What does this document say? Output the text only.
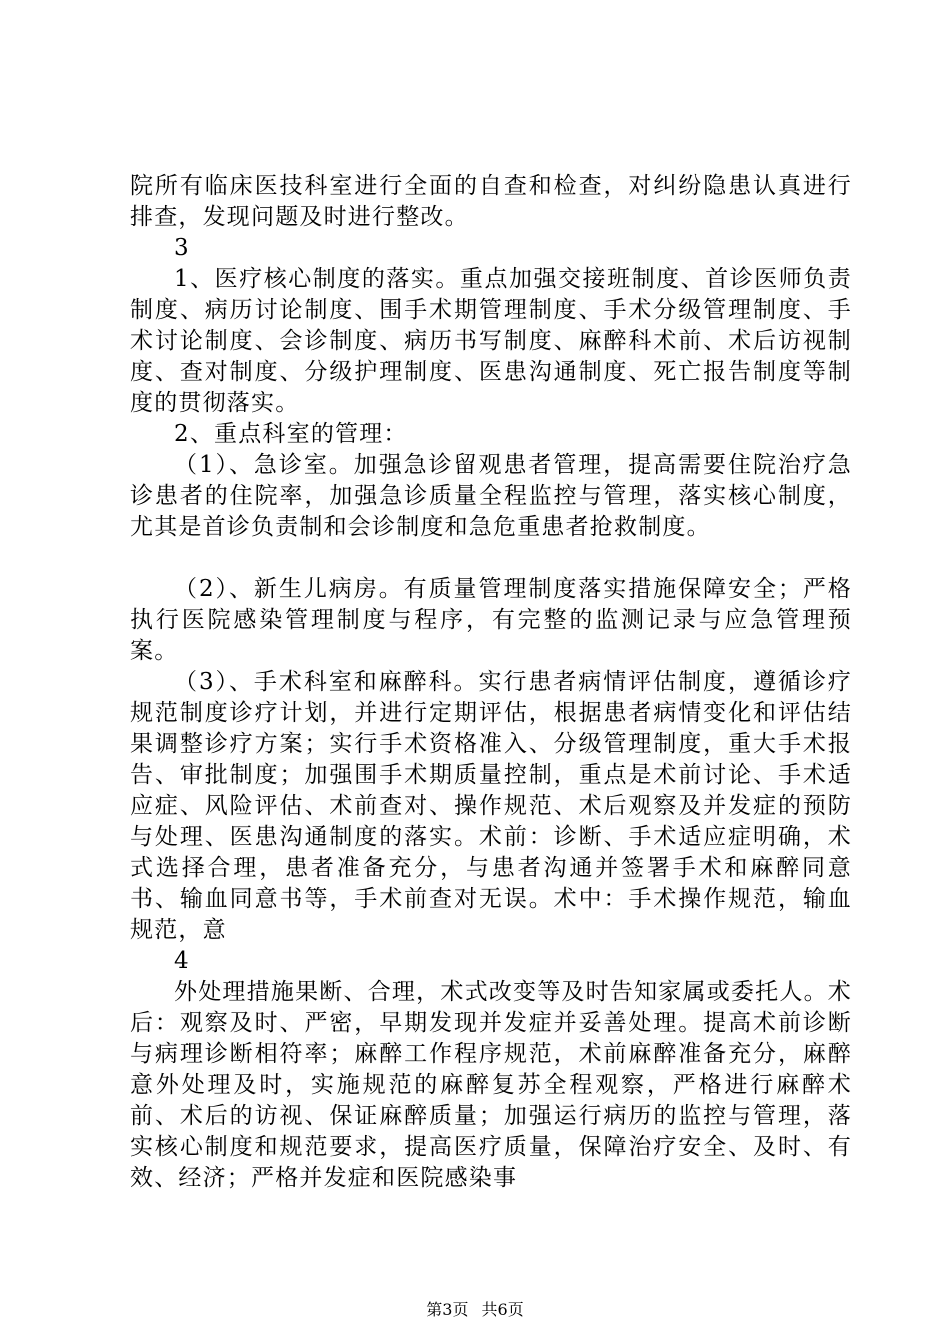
院所有临床医技科室进行全面的自查和检查，对纠纷隐患认真进行排查，发现问题及时进行整改。

3

1、医疗核心制度的落实。重点加强交接班制度、首诊医师负责制度、病历讨论制度、围手术期管理制度、手术分级管理制度、手术讨论制度、会诊制度、病历书写制度、麻醉科术前、术后访视制度、查对制度、分级护理制度、医患沟通制度、死亡报告制度等制度的贯彻落实。

2、重点科室的管理：

（1）、急诊室。加强急诊留观患者管理，提高需要住院治疗急诊患者的住院率，加强急诊质量全程监控与管理，落实核心制度，尤其是首诊负责制和会诊制度和急危重患者抢救制度。

（2）、新生儿病房。有质量管理制度落实措施保障安全；严格执行医院感染管理制度与程序，有完整的监测记录与应急管理预案。

（3）、手术科室和麻醉科。实行患者病情评估制度，遵循诊疗规范制度诊疗计划，并进行定期评估，根据患者病情变化和评估结果调整诊疗方案；实行手术资格准入、分级管理制度，重大手术报告、审批制度；加强围手术期质量控制，重点是术前讨论、手术适应症、风险评估、术前查对、操作规范、术后观察及并发症的预防与处理、医患沟通制度的落实。术前：诊断、手术适应症明确，术式选择合理，患者准备充分，与患者沟通并签署手术和麻醉同意书、输血同意书等，手术前查对无误。术中：手术操作规范，输血规范，意

4

外处理措施果断、合理，术式改变等及时告知家属或委托人。术后：观察及时、严密，早期发现并发症并妥善处理。提高术前诊断与病理诊断相符率；麻醉工作程序规范，术前麻醉准备充分，麻醉意外处理及时，实施规范的麻醉复苏全程观察，严格进行麻醉术前、术后的访视、保证麻醉质量；加强运行病历的监控与管理，落实核心制度和规范要求，提高医疗质量，保障治疗安全、及时、有效、经济；严格并发症和医院感染事

第3页 共6页
